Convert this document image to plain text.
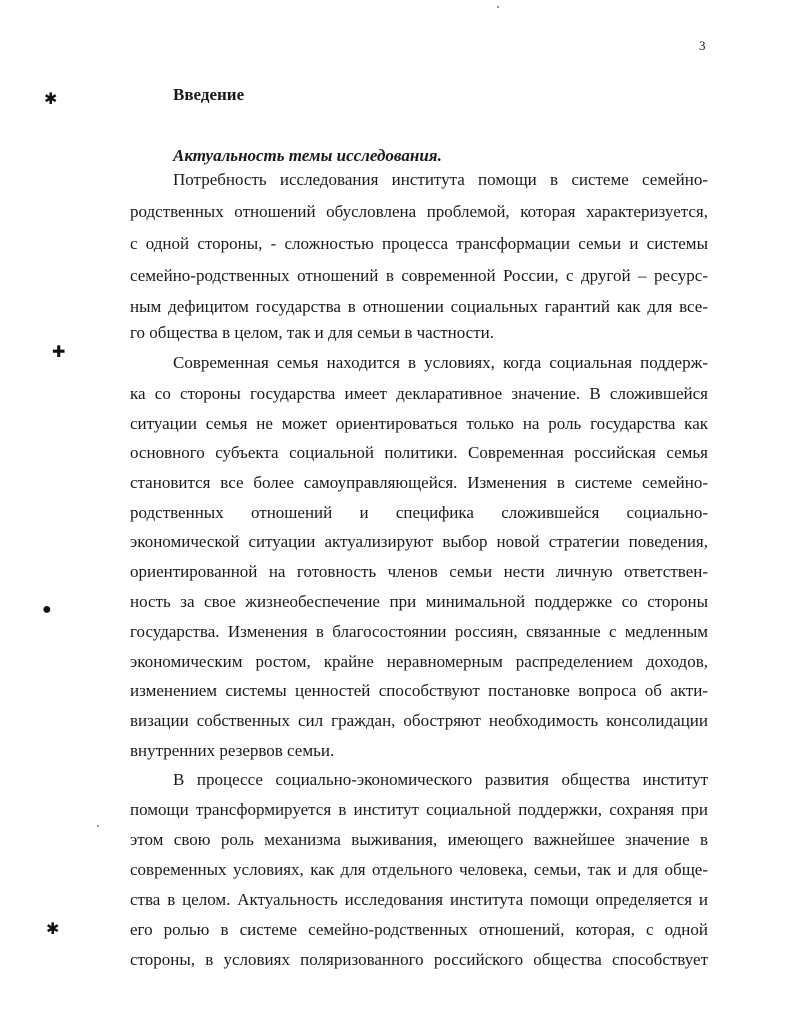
3
Введение
Актуальность темы исследования.
Потребность исследования института помощи в системе семейно-
родственных отношений обусловлена проблемой, которая характеризуется,
с одной стороны, - сложностью процесса трансформации семьи и системы
семейно-родственных отношений в современной России, с другой – ресурс-
ным дефицитом государства в отношении социальных гарантий как для все-
го общества в целом, так и для семьи в частности.
Современная семья находится в условиях, когда социальная поддерж-
ка со стороны государства имеет декларативное значение. В сложившейся
ситуации семья не может ориентироваться только на роль государства как
основного субъекта социальной политики. Современная российская семья
становится все более самоуправляющейся. Изменения в системе семейно-
родственных отношений и специфика сложившейся социально-
экономической ситуации актуализируют выбор новой стратегии поведения,
ориентированной на готовность членов семьи нести личную ответствен-
ность за свое жизнеобеспечение при минимальной поддержке со стороны
государства. Изменения в благосостоянии россиян, связанные с медленным
экономическим ростом, крайне неравномерным распределением доходов,
изменением системы ценностей способствуют постановке вопроса об акти-
визации собственных сил граждан, обостряют необходимость консолидации
внутренних резервов семьи.
В процессе социально-экономического развития общества институт
помощи трансформируется в институт социальной поддержки, сохраняя при
этом свою роль механизма выживания, имеющего важнейшее значение в
современных условиях, как для отдельного человека, семьи, так и для обще-
ства в целом. Актуальность исследования института помощи определяется и
его ролью в системе семейно-родственных отношений, которая, с одной
стороны, в условиях поляризованного российского общества способствует
✱
✚
●
✱
